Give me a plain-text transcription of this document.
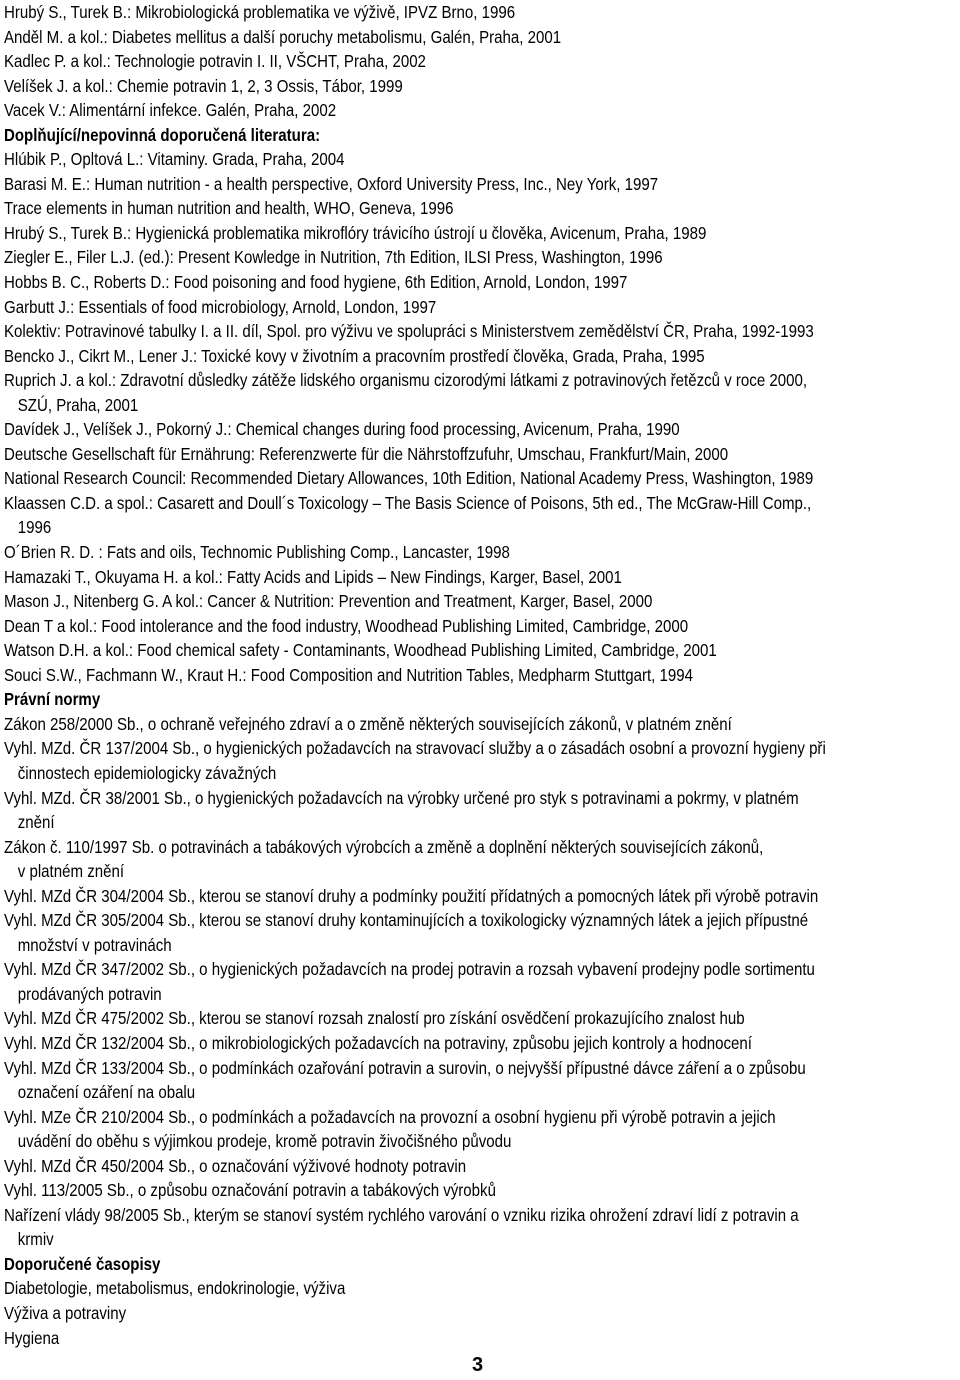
Hrubý S., Turek B.: Mikrobiologická problematika ve výživě, IPVZ Brno, 1996
Anděl M. a kol.: Diabetes mellitus a další poruchy metabolismu, Galén, Praha, 2001
Kadlec P. a kol.: Technologie potravin I. II, VŠCHT, Praha, 2002
Velíšek J. a kol.: Chemie potravin 1, 2, 3 Ossis, Tábor, 1999
Vacek V.: Alimentární infekce. Galén, Praha, 2002
Doplňující/nepovinná doporučená literatura:
Hlúbik P., Opltová L.: Vitaminy. Grada, Praha, 2004
Barasi M. E.: Human nutrition - a health perspective, Oxford University Press, Inc., Ney York, 1997
Trace elements in human nutrition and health, WHO, Geneva, 1996
Hrubý S., Turek B.: Hygienická problematika mikroflóry trávicího ústrojí u člověka, Avicenum, Praha, 1989
Ziegler E., Filer L.J. (ed.): Present Kowledge in Nutrition, 7th Edition, ILSI Press, Washington, 1996
Hobbs B. C., Roberts D.: Food poisoning and food hygiene, 6th Edition, Arnold, London, 1997
Garbutt J.: Essentials of food microbiology, Arnold, London, 1997
Kolektiv: Potravinové tabulky I. a II. díl, Spol. pro výživu ve spolupráci s Ministerstvem zemědělství ČR, Praha, 1992-1993
Bencko J., Cikrt M., Lener J.: Toxické kovy v životním a pracovním prostředí člověka, Grada, Praha, 1995
Ruprich J. a kol.: Zdravotní důsledky zátěže lidského organismu cizorodými látkami z potravinových řetězců v roce 2000,
SZÚ, Praha, 2001
Davídek J., Velíšek J., Pokorný J.: Chemical changes during food processing, Avicenum, Praha, 1990
Deutsche Gesellschaft für Ernährung: Referenzwerte für die Nährstoffzufuhr, Umschau, Frankfurt/Main, 2000
National Research Council: Recommended Dietary Allowances, 10th Edition, National Academy Press, Washington, 1989
Klaassen C.D. a spol.: Casarett and Doull´s Toxicology – The Basis Science of Poisons, 5th ed., The McGraw-Hill Comp.,
1996
O´Brien R. D. : Fats and oils, Technomic Publishing Comp., Lancaster, 1998
Hamazaki T., Okuyama H. a kol.: Fatty Acids and Lipids – New Findings, Karger, Basel, 2001
Mason J., Nitenberg G. A kol.: Cancer & Nutrition: Prevention and Treatment, Karger, Basel, 2000
Dean T a kol.: Food intolerance and the food industry, Woodhead Publishing Limited, Cambridge, 2000
Watson D.H. a kol.: Food chemical safety - Contaminants, Woodhead Publishing Limited, Cambridge, 2001
Souci S.W., Fachmann W., Kraut H.: Food Composition and Nutrition Tables, Medpharm Stuttgart, 1994
Právní normy
Zákon 258/2000 Sb., o ochraně veřejného zdraví a o změně některých souvisejících zákonů, v platném znění
Vyhl. MZd. ČR 137/2004 Sb., o hygienických požadavcích na stravovací služby a o zásadách osobní a provozní hygieny při
činnostech epidemiologicky závažných
Vyhl. MZd. ČR 38/2001 Sb., o hygienických požadavcích na výrobky určené pro styk s potravinami a pokrmy, v platném
znění
Zákon č. 110/1997 Sb. o potravinách a tabákových výrobcích a změně a doplnění některých souvisejících zákonů,
v platném znění
Vyhl. MZd ČR 304/2004 Sb., kterou se stanoví druhy a podmínky použití přídatných a pomocných látek při výrobě potravin
Vyhl. MZd ČR 305/2004 Sb., kterou se stanoví druhy kontaminujících a toxikologicky významných látek a jejich přípustné
množství v potravinách
Vyhl. MZd ČR 347/2002 Sb., o hygienických požadavcích na prodej potravin a rozsah vybavení prodejny podle sortimentu
prodávaných potravin
Vyhl. MZd ČR 475/2002 Sb., kterou se stanoví rozsah znalostí pro získání osvědčení prokazujícího znalost hub
Vyhl. MZd ČR 132/2004 Sb., o mikrobiologických požadavcích na potraviny, způsobu jejich kontroly a hodnocení
Vyhl. MZd ČR 133/2004 Sb., o podmínkách ozařování potravin a surovin, o nejvyšší přípustné dávce záření a o způsobu
označení ozáření na obalu
Vyhl. MZe ČR 210/2004 Sb., o podmínkách a požadavcích na provozní a osobní hygienu při výrobě potravin a jejich
uvádění do oběhu s výjimkou prodeje, kromě potravin živočišného původu
Vyhl. MZd ČR 450/2004 Sb., o označování výživové hodnoty potravin
Vyhl. 113/2005 Sb., o způsobu označování potravin a tabákových výrobků
Nařízení vlády 98/2005 Sb., kterým se stanoví systém rychlého varování o vzniku rizika ohrožení zdraví lidí z potravin a
krmiv
Doporučené časopisy
Diabetologie, metabolismus, endokrinologie, výživa
Výživa a potraviny
Hygiena
3
